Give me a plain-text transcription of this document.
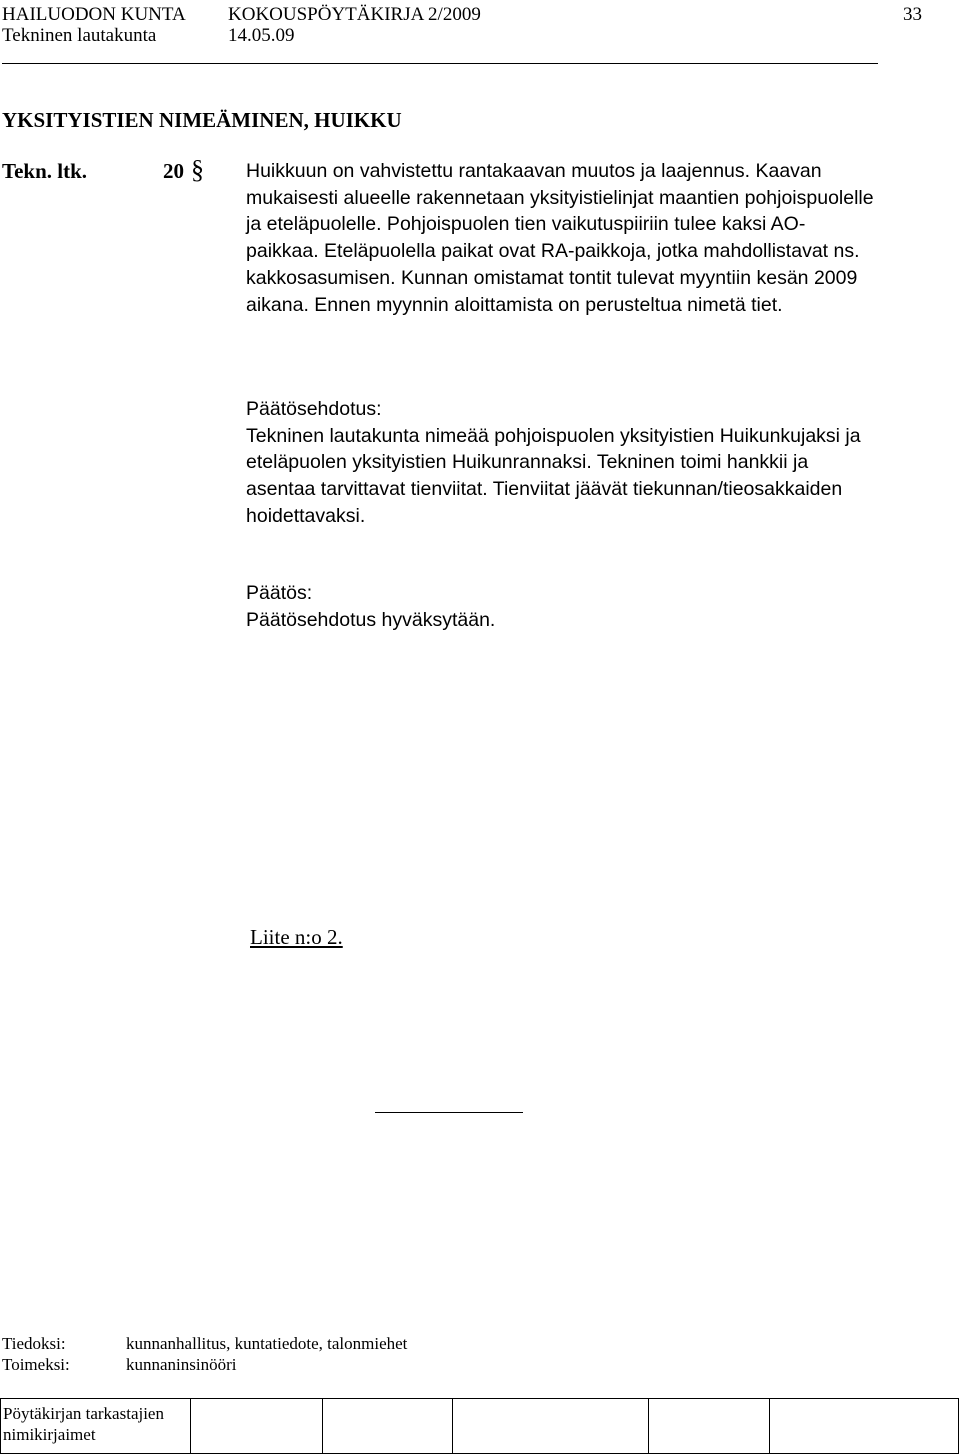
HAILUODON KUNTA KOKOUSPÖYTÄKIRJA 2/2009	33
Tekninen lautakunta	14.05.09
YKSITYISTIEN NIMEÄMINEN, HUIKKU
Tekn. ltk.	20 § Huikkuun on vahvistettu rantakaavan muutos ja laajennus. Kaavan

mukaisesti alueelle rakennetaan yksityistielinjat maantien pohjoispuolelle

ja eteläpuolelle. Pohjoispuolen tien vaikutuspiiriin tulee kaksi AO-

paikkaa. Eteläpuolella paikat ovat RA-paikkoja, jotka mahdollistavat ns.

kakkosasumisen. Kunnan omistamat tontit tulevat myyntiin kesän 2009

aikana. Ennen myynnin aloittamista on perusteltua nimetä tiet.

Päätösehdotus:

Tekninen lautakunta nimeää pohjoispuolen yksityistien Huikunkujaksi ja

eteläpuolen yksityistien Huikunrannaksi. Tekninen toimi hankkii ja

asentaa tarvittavat tienviitat. Tienviitat jäävät tiekunnan/tieosakkaiden

hoidettavaksi.

Päätös:

Päätösehdotus hyväksytään.

Liite n:o 2.
Tiedoksi:	kunnanhallitus, kuntatiedote, talonmiehet
Toimeksi:	kunnaninsinööri
Pöytäkirjan tarkastajien
nimikirjaimet
